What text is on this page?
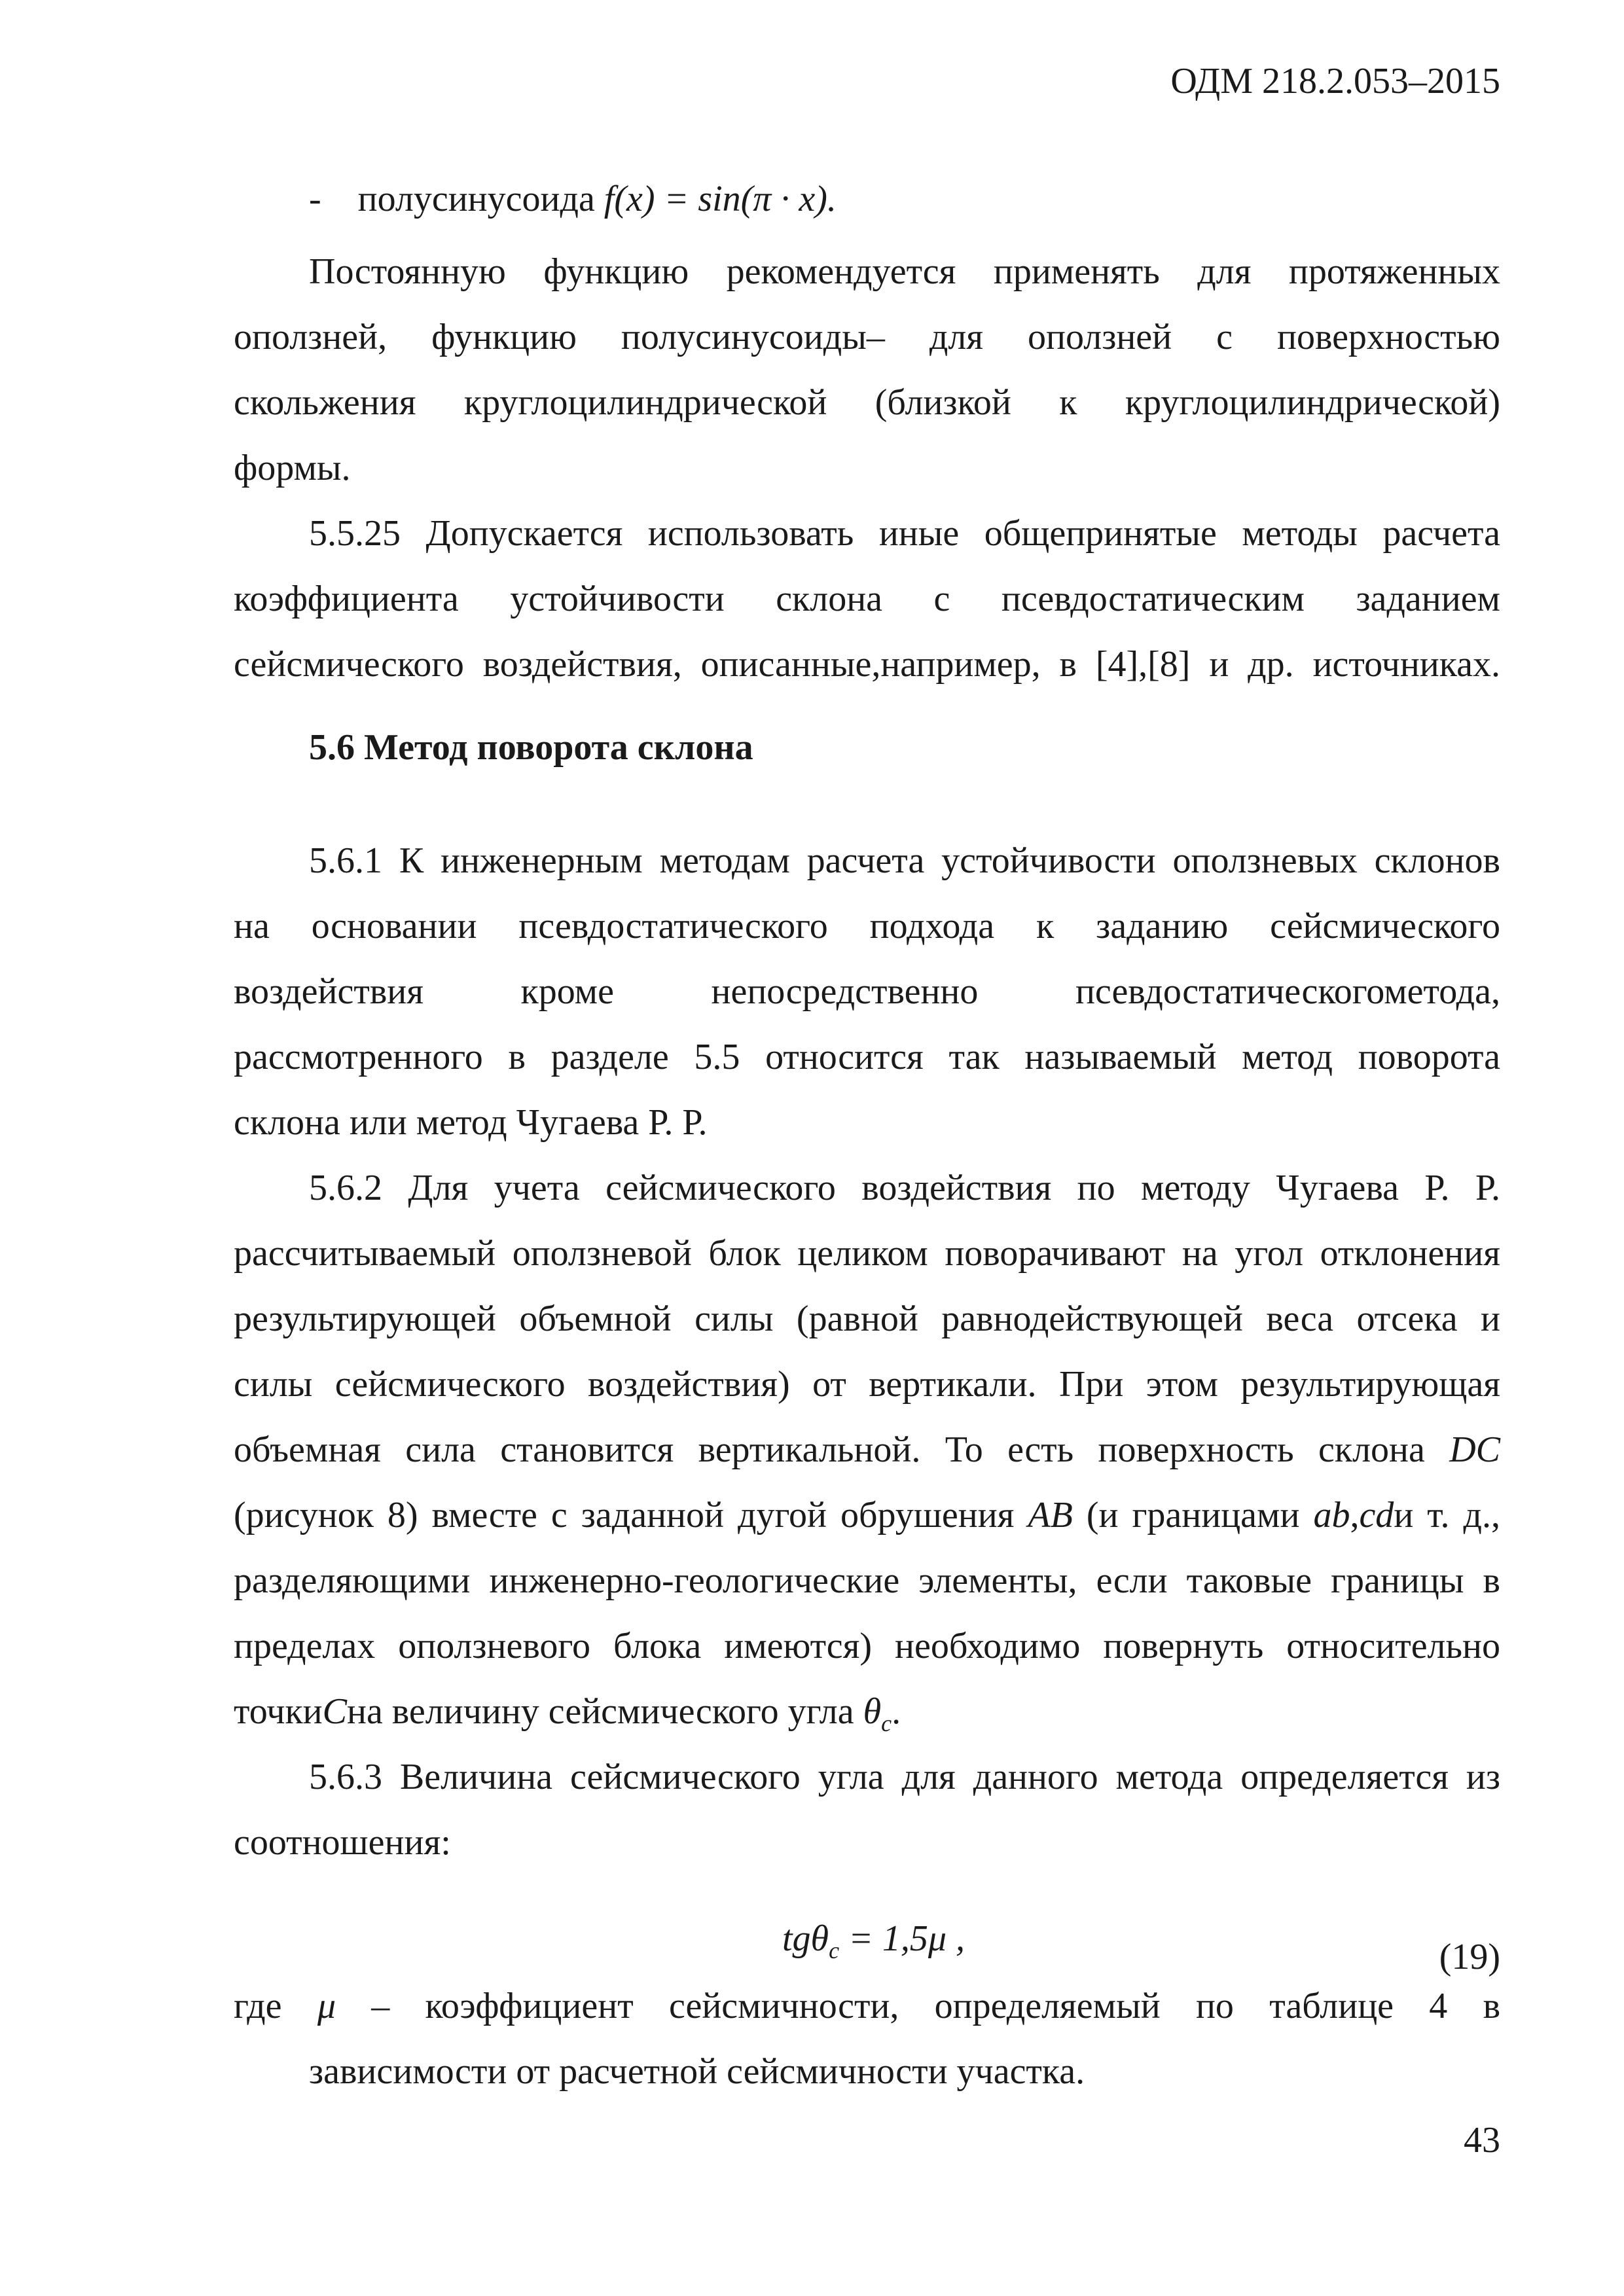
ОДМ 218.2.053–2015
- полусинусоида f(x) = sin(π · x).
Постоянную функцию рекомендуется применять для протяженных
оползней, функцию полусинусоиды– для оползней с поверхностью
скольжения круглоцилиндрической (близкой к круглоцилиндрической)
формы.
5.5.25 Допускается использовать иные общепринятые методы расчета
коэффициента устойчивости склона с псевдостатическим заданием
сейсмического воздействия, описанные,например, в [4],[8] и др. источниках.
5.6 Метод поворота склона
5.6.1 К инженерным методам расчета устойчивости оползневых склонов
на основании псевдостатического подхода к заданию сейсмического
воздействия кроме непосредственно псевдостатическогометода,
рассмотренного в разделе 5.5 относится так называемый метод поворота
склона или метод Чугаева Р. Р.
5.6.2 Для учета сейсмического воздействия по методу Чугаева Р. Р.
рассчитываемый оползневой блок целиком поворачивают на угол отклонения
результирующей объемной силы (равной равнодействующей веса отсека и
силы сейсмического воздействия) от вертикали. При этом результирующая
объемная сила становится вертикальной. То есть поверхность склона DC
(рисунок 8) вместе с заданной дугой обрушения AB (и границами ab,cdи т. д.,
разделяющими инженерно-геологические элементы, если таковые границы в
пределах оползневого блока имеются) необходимо повернуть относительно
точкиCна величину сейсмического угла $\theta_c$.
5.6.3 Величина сейсмического угла для данного метода определяется из
соотношения:
tgθ$_c$ = 1,5μ ,	(19)
где μ – коэффициент сейсмичности, определяемый по таблице 4 в
зависимости от расчетной сейсмичности участка.
43
